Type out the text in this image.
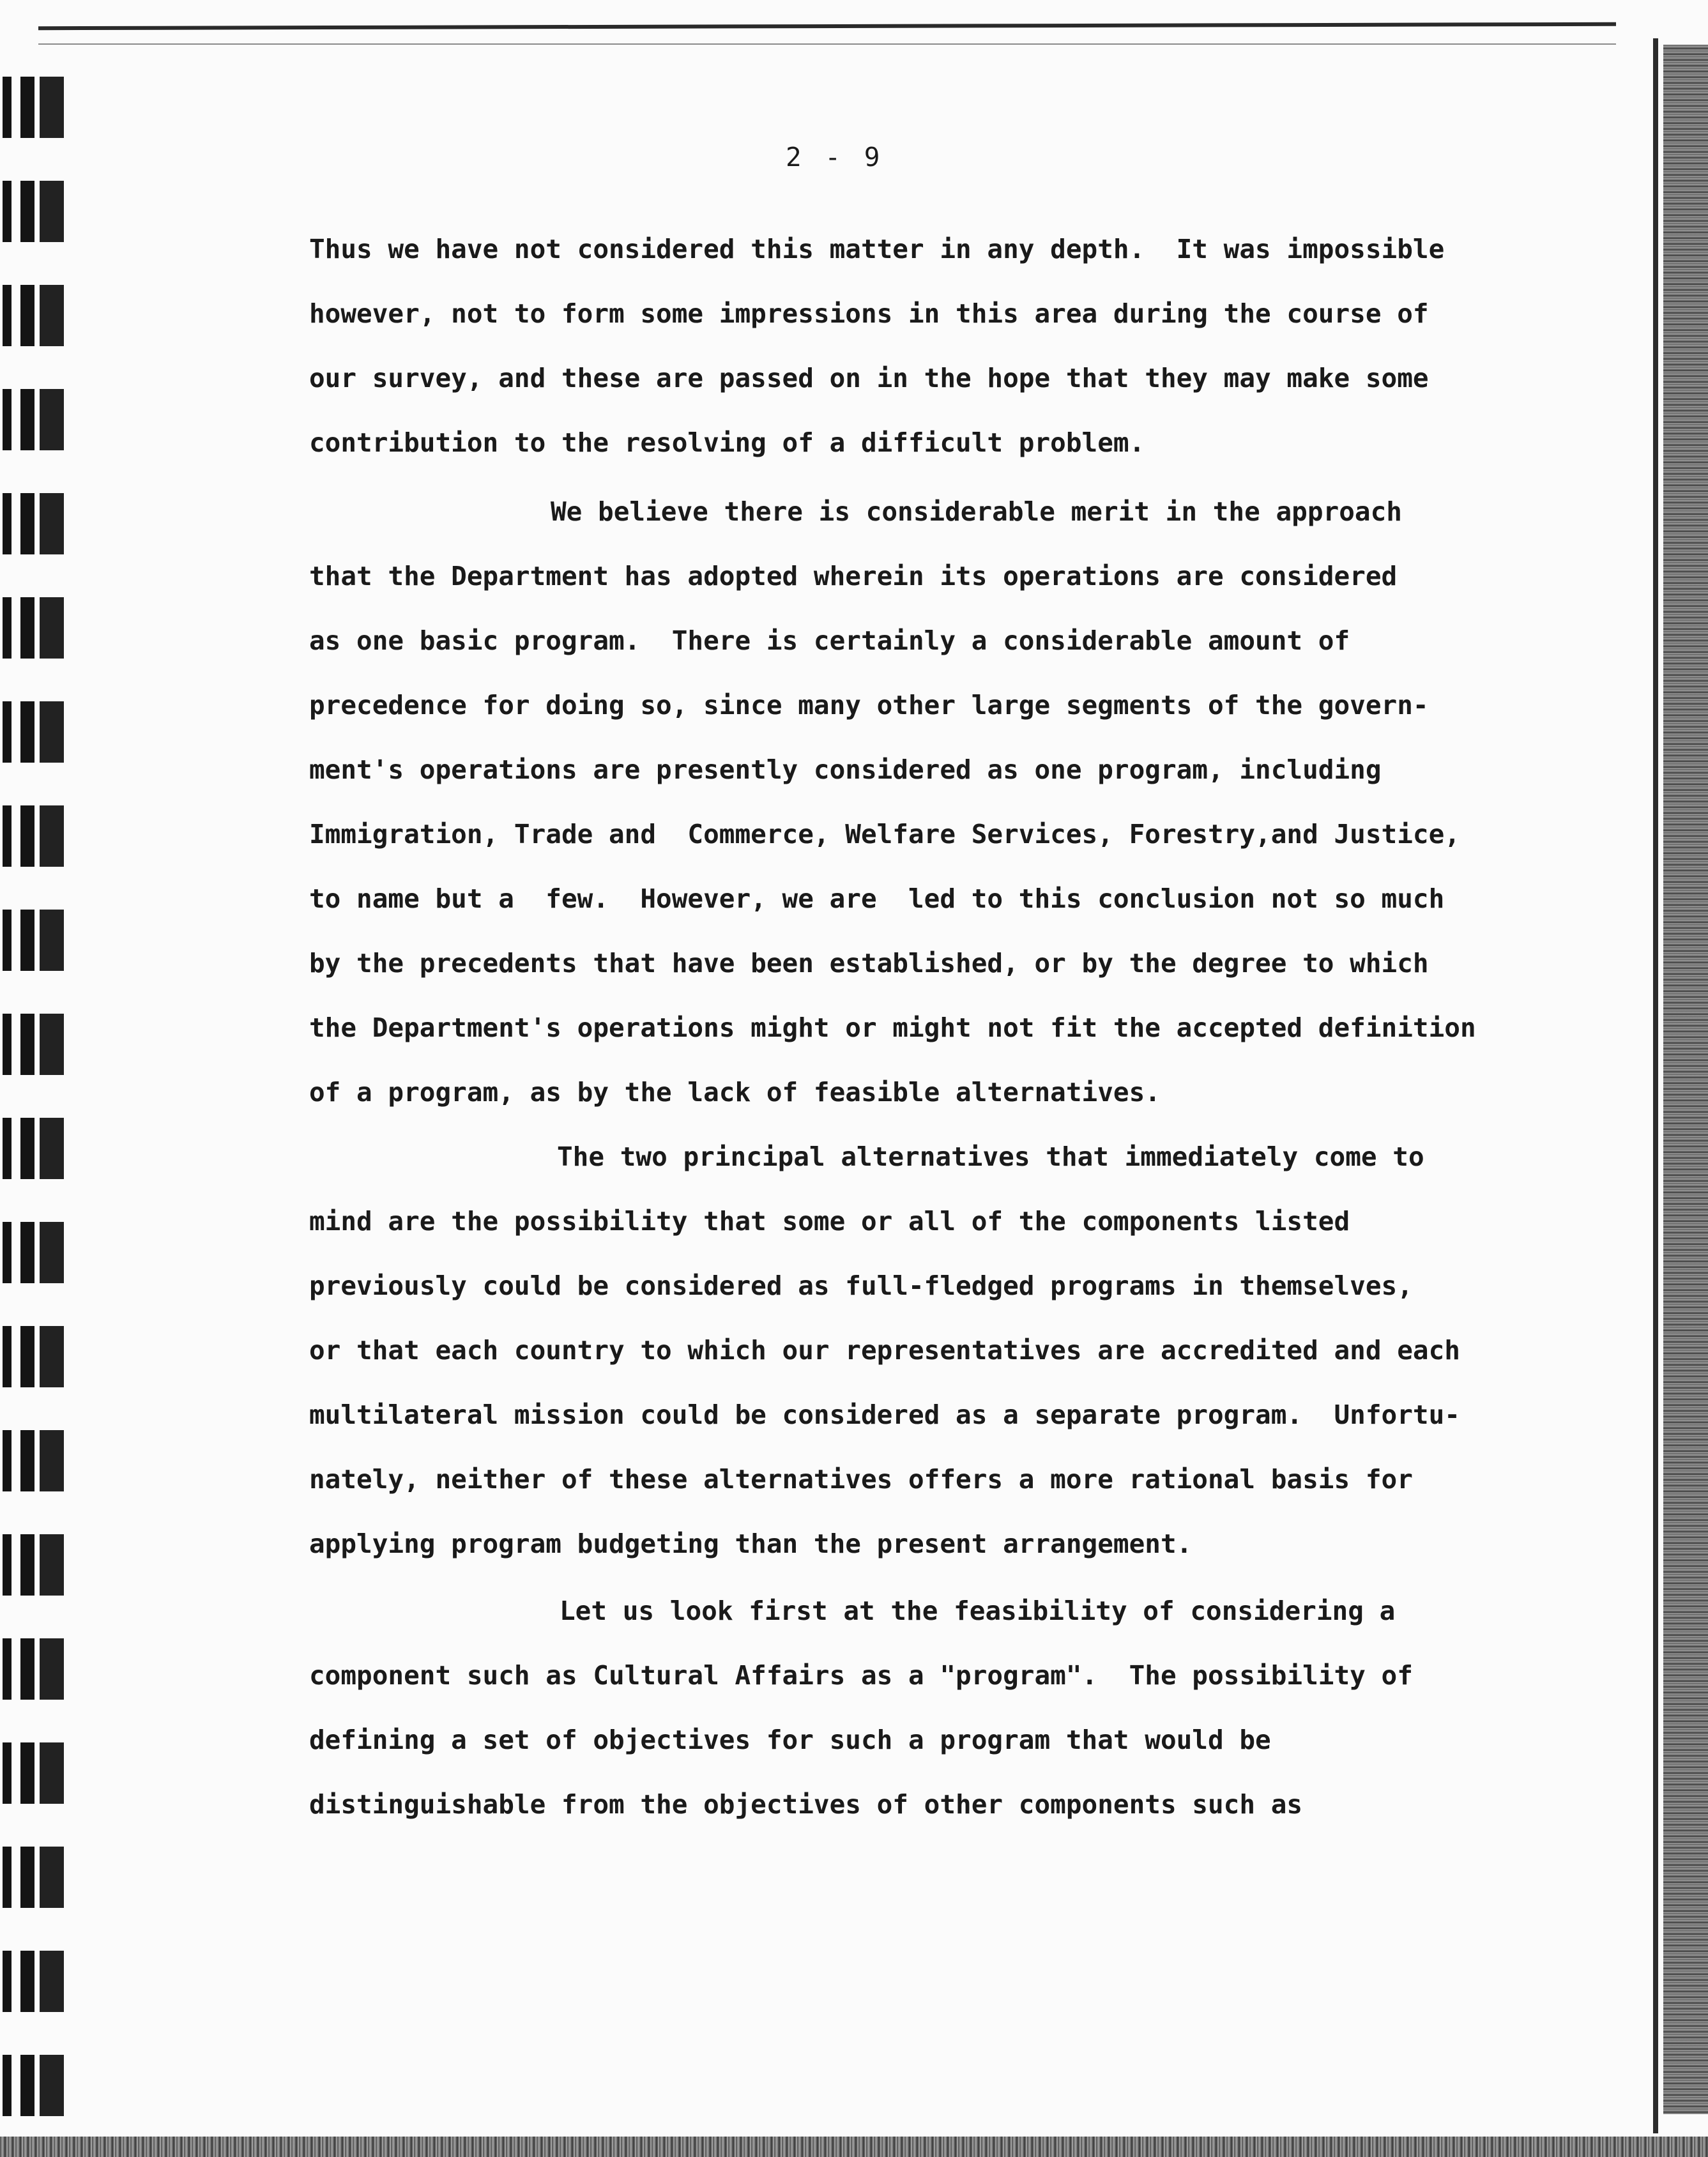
2 - 9
Thus we have not considered this matter in any depth.  It was impossible
however, not to form some impressions in this area during the course of
our survey, and these are passed on in the hope that they may make some
contribution to the resolving of a difficult problem.
We believe there is considerable merit in the approach
that the Department has adopted wherein its operations are considered
as one basic program.  There is certainly a considerable amount of
precedence for doing so, since many other large segments of the govern-
ment's operations are presently considered as one program, including
Immigration, Trade and  Commerce, Welfare Services, Forestry,and Justice,
to name but a  few.  However, we are  led to this conclusion not so much
by the precedents that have been established, or by the degree to which
the Department's operations might or might not fit the accepted definition
of a program, as by the lack of feasible alternatives.
The two principal alternatives that immediately come to
mind are the possibility that some or all of the components listed
previously could be considered as full-fledged programs in themselves,
or that each country to which our representatives are accredited and each
multilateral mission could be considered as a separate program.  Unfortu-
nately, neither of these alternatives offers a more rational basis for
applying program budgeting than the present arrangement.
Let us look first at the feasibility of considering a
component such as Cultural Affairs as a "program".  The possibility of
defining a set of objectives for such a program that would be
distinguishable from the objectives of other components such as
